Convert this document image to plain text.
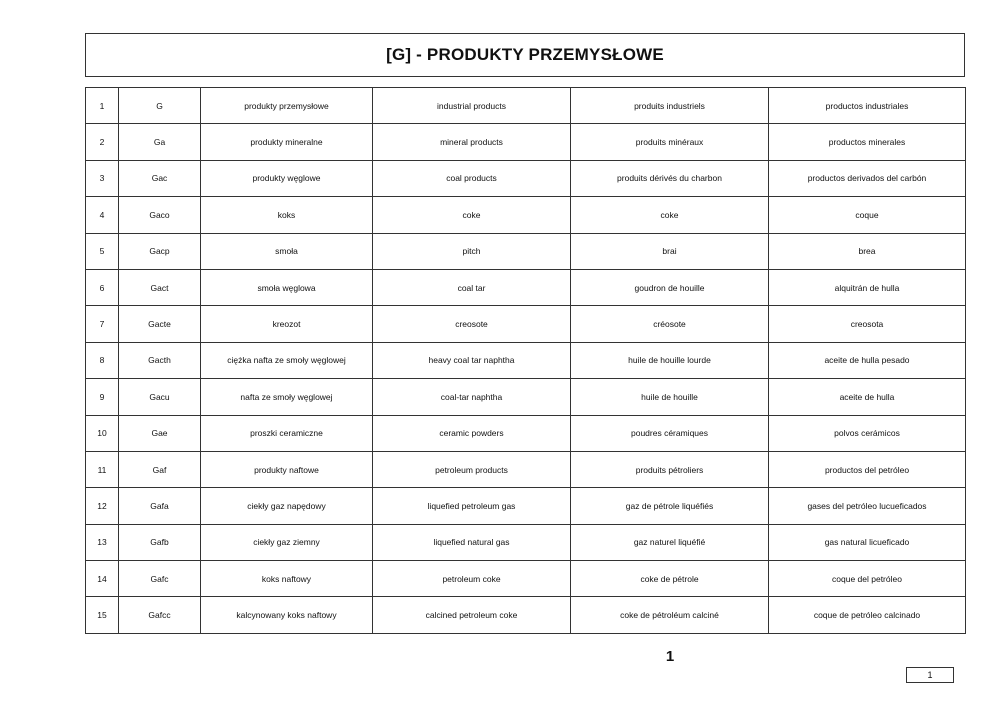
[G] - PRODUKTY PRZEMYSŁOWE
1	G	produkty przemysłowe	industrial products	produits industriels	productos industriales
2	Ga	produkty mineralne	mineral products	produits minéraux	productos minerales
3	Gac	produkty węglowe	coal products	produits dérivés du charbon	productos derivados del carbón
4	Gaco	koks	coke	coke	coque
5	Gacp	smoła	pitch	brai	brea
6	Gact	smoła węglowa	coal tar	goudron de houille	alquitrán de hulla
7	Gacte	kreozot	creosote	créosote	creosota
8	Gacth	ciężka nafta ze smoły węglowej	heavy coal tar naphtha	huile de houille lourde	aceite de hulla pesado
9	Gacu	nafta ze smoły węglowej	coal-tar naphtha	huile de houille	aceite de hulla
10	Gae	proszki ceramiczne	ceramic powders	poudres céramiques	polvos cerámicos
11	Gaf	produkty naftowe	petroleum products	produits pétroliers	productos del petróleo
12	Gafa	ciekły gaz napędowy	liquefied petroleum gas	gaz de pétrole liquéfiés	gases del petróleo lucueficados
13	Gafb	ciekły gaz ziemny	liquefied natural gas	gaz naturel liquéfié	gas natural licueficado
14	Gafc	koks naftowy	petroleum coke	coke de pétrole	coque del petróleo
15	Gafcc	kalcynowany koks naftowy	calcined petroleum coke	coke de pétroléum calciné	coque de petróleo calcinado
1
1
